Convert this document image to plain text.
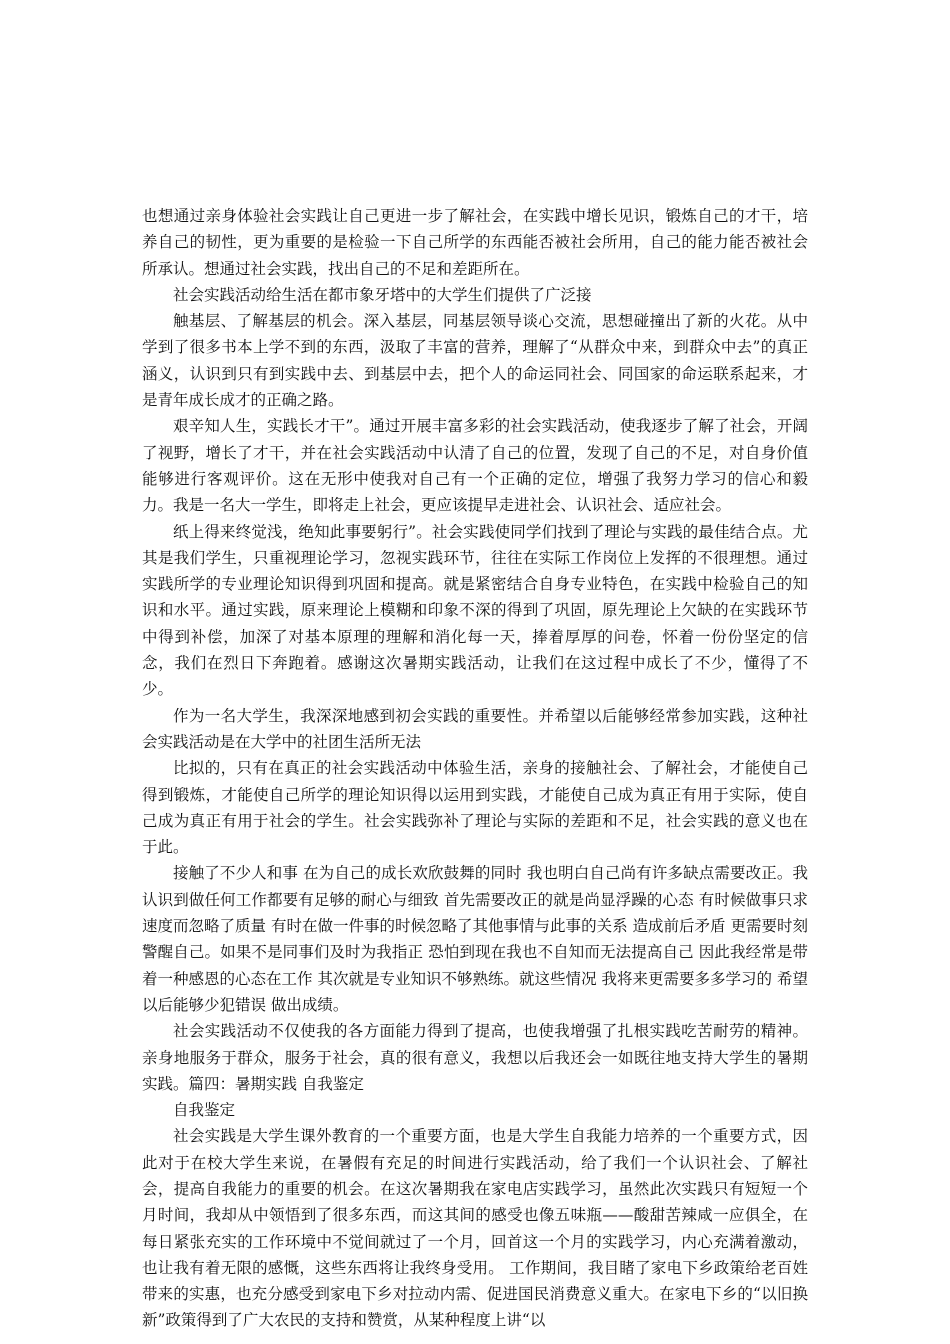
也想通过亲身体验社会实践让自己更进一步了解社会，在实践中增长见识，锻炼自己的才干，培养自己的韧性，更为重要的是检验一下自己所学的东西能否被社会所用，自己的能力能否被社会所承认。想通过社会实践，找出自己的不足和差距所在。

社会实践活动给生活在都市象牙塔中的大学生们提供了广泛接

触基层、了解基层的机会。深入基层，同基层领导谈心交流，思想碰撞出了新的火花。从中学到了很多书本上学不到的东西，汲取了丰富的营养，理解了“从群众中来，到群众中去”的真正涵义，认识到只有到实践中去、到基层中去，把个人的命运同社会、同国家的命运联系起来，才是青年成长成才的正确之路。

艰辛知人生，实践长才干”。通过开展丰富多彩的社会实践活动，使我逐步了解了社会，开阔了视野，增长了才干，并在社会实践活动中认清了自己的位置，发现了自己的不足，对自身价值能够进行客观评价。这在无形中使我对自己有一个正确的定位，增强了我努力学习的信心和毅力。我是一名大一学生，即将走上社会，更应该提早走进社会、认识社会、适应社会。

纸上得来终觉浅，绝知此事要躬行”。社会实践使同学们找到了理论与实践的最佳结合点。尤其是我们学生，只重视理论学习，忽视实践环节，往往在实际工作岗位上发挥的不很理想。通过实践所学的专业理论知识得到巩固和提高。就是紧密结合自身专业特色，在实践中检验自己的知识和水平。通过实践，原来理论上模糊和印象不深的得到了巩固，原先理论上欠缺的在实践环节中得到补偿，加深了对基本原理的理解和消化每一天，捧着厚厚的问卷，怀着一份份坚定的信念，我们在烈日下奔跑着。感谢这次暑期实践活动，让我们在这过程中成长了不少，懂得了不少。

作为一名大学生，我深深地感到初会实践的重要性。并希望以后能够经常参加实践，这种社会实践活动是在大学中的社团生活所无法

比拟的，只有在真正的社会实践活动中体验生活，亲身的接触社会、了解社会，才能使自己得到锻炼，才能使自己所学的理论知识得以运用到实践，才能使自己成为真正有用于实际，使自己成为真正有用于社会的学生。社会实践弥补了理论与实际的差距和不足，社会实践的意义也在于此。

接触了不少人和事 在为自己的成长欢欣鼓舞的同时 我也明白自己尚有许多缺点需要改正。我认识到做任何工作都要有足够的耐心与细致 首先需要改正的就是尚显浮躁的心态 有时候做事只求速度而忽略了质量 有时在做一件事的时候忽略了其他事情与此事的关系 造成前后矛盾 更需要时刻警醒自己。如果不是同事们及时为我指正 恐怕到现在我也不自知而无法提高自己 因此我经常是带着一种感恩的心态在工作 其次就是专业知识不够熟练。就这些情况 我将来更需要多多学习的 希望以后能够少犯错误 做出成绩。

社会实践活动不仅使我的各方面能力得到了提高，也使我增强了扎根实践吃苦耐劳的精神。亲身地服务于群众，服务于社会，真的很有意义，我想以后我还会一如既往地支持大学生的暑期实践。篇四：暑期实践 自我鉴定

自我鉴定

社会实践是大学生课外教育的一个重要方面，也是大学生自我能力培养的一个重要方式，因此对于在校大学生来说，在暑假有充足的时间进行实践活动，给了我们一个认识社会、了解社会，提高自我能力的重要的机会。在这次暑期我在家电店实践学习，虽然此次实践只有短短一个月时间，我却从中领悟到了很多东西，而这其间的感受也像五味瓶——酸甜苦辣咸一应俱全，在每日紧张充实的工作环境中不觉间就过了一个月，回首这一个月的实践学习，内心充满着激动，也让我有着无限的感慨，这些东西将让我终身受用。 工作期间，我目睹了家电下乡政策给老百姓带来的实惠，也充分感受到家电下乡对拉动内需、促进国民消费意义重大。在家电下乡的“以旧换新”政策得到了广大农民的支持和赞赏，从某种程度上讲“以
